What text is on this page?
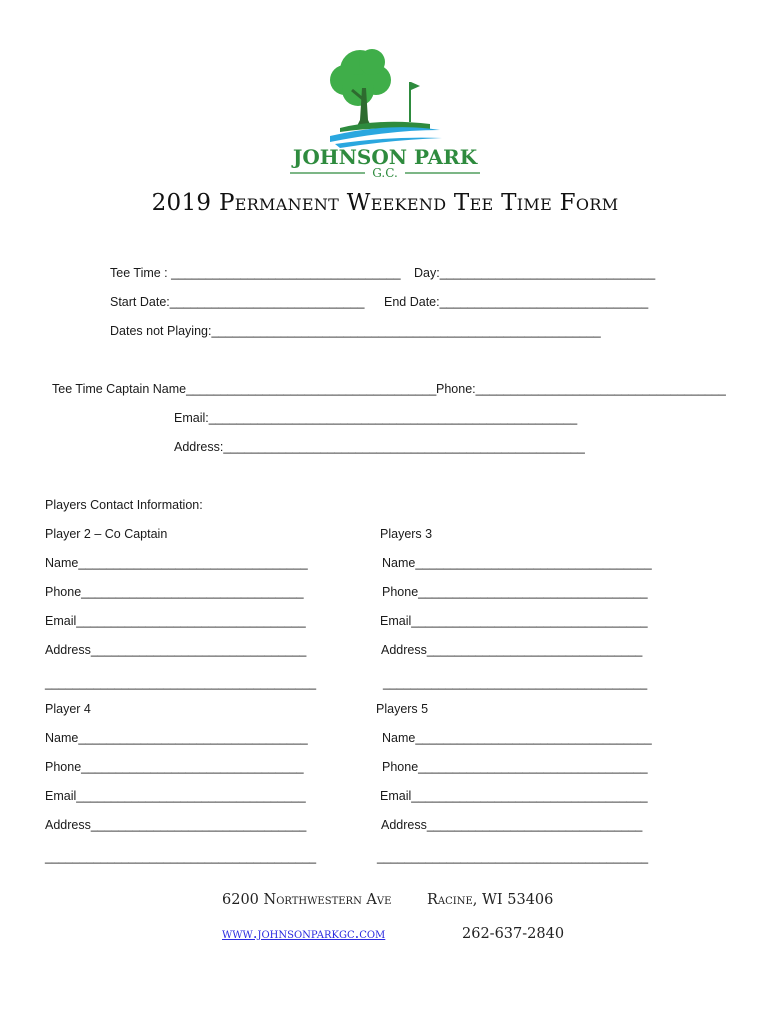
JOHNSON PARK
G.C.
2019 Permanent Weekend Tee Time Form
Tee Time : _________________________________ Day:_______________________________
Start Date:____________________________ End Date:______________________________
Dates not Playing:________________________________________________________
Tee Time Captain Name____________________________________ Phone:____________________________________
Email:_____________________________________________________
Address:____________________________________________________
Players Contact Information:
Player 2 – Co Captain
Name_________________________________
Phone________________________________
Email_________________________________
Address_______________________________
_______________________________________
Players 3
Name__________________________________
Phone_________________________________
Email__________________________________
Address_______________________________
______________________________________
Player 4
Name_________________________________
Phone________________________________
Email_________________________________
Address_______________________________
_______________________________________
Players 5
Name__________________________________
Phone_________________________________
Email__________________________________
Address_______________________________
_______________________________________
6200 Northwestern Ave Racine, WI 53406
www.johnsonparkgc.com	262-637-2840
